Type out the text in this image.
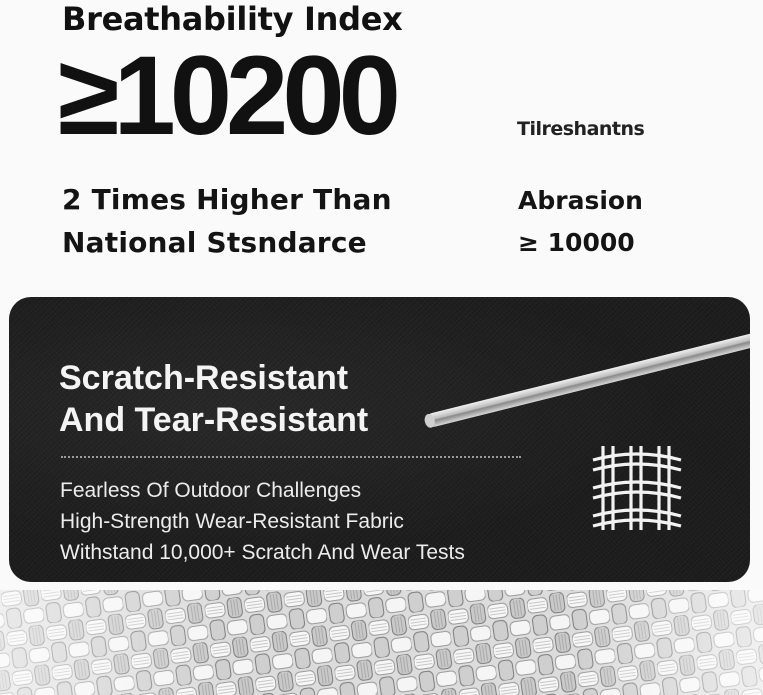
Breathability Index
≥10200	Tilreshantns
2 Times Higher Than
National Stsndarce
Abrasion
≥ 10000
Scratch-Resistant
And Tear-Resistant
Fearless Of Outdoor Challenges
High-Strength Wear-Resistant Fabric
Withstand 10,000+ Scratch And Wear Tests
